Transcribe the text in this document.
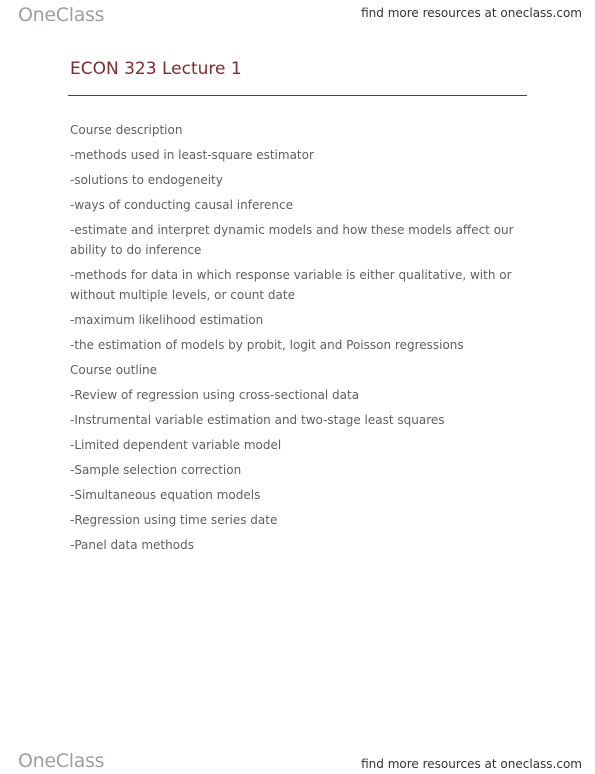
OneClass	find more resources at oneclass.com
ECON 323 Lecture 1

Course description

-methods used in least-square estimator

-solutions to endogeneity

-ways of conducting causal inference

-estimate and interpret dynamic models and how these models affect our ability to do inference

-methods for data in which response variable is either qualitative, with or without multiple levels, or count date

-maximum likelihood estimation

-the estimation of models by probit, logit and Poisson regressions

Course outline

-Review of regression using cross-sectional data

-Instrumental variable estimation and two-stage least squares

-Limited dependent variable model

-Sample selection correction

-Simultaneous equation models

-Regression using time series date

-Panel data methods

OneClass	find more resources at oneclass.com
